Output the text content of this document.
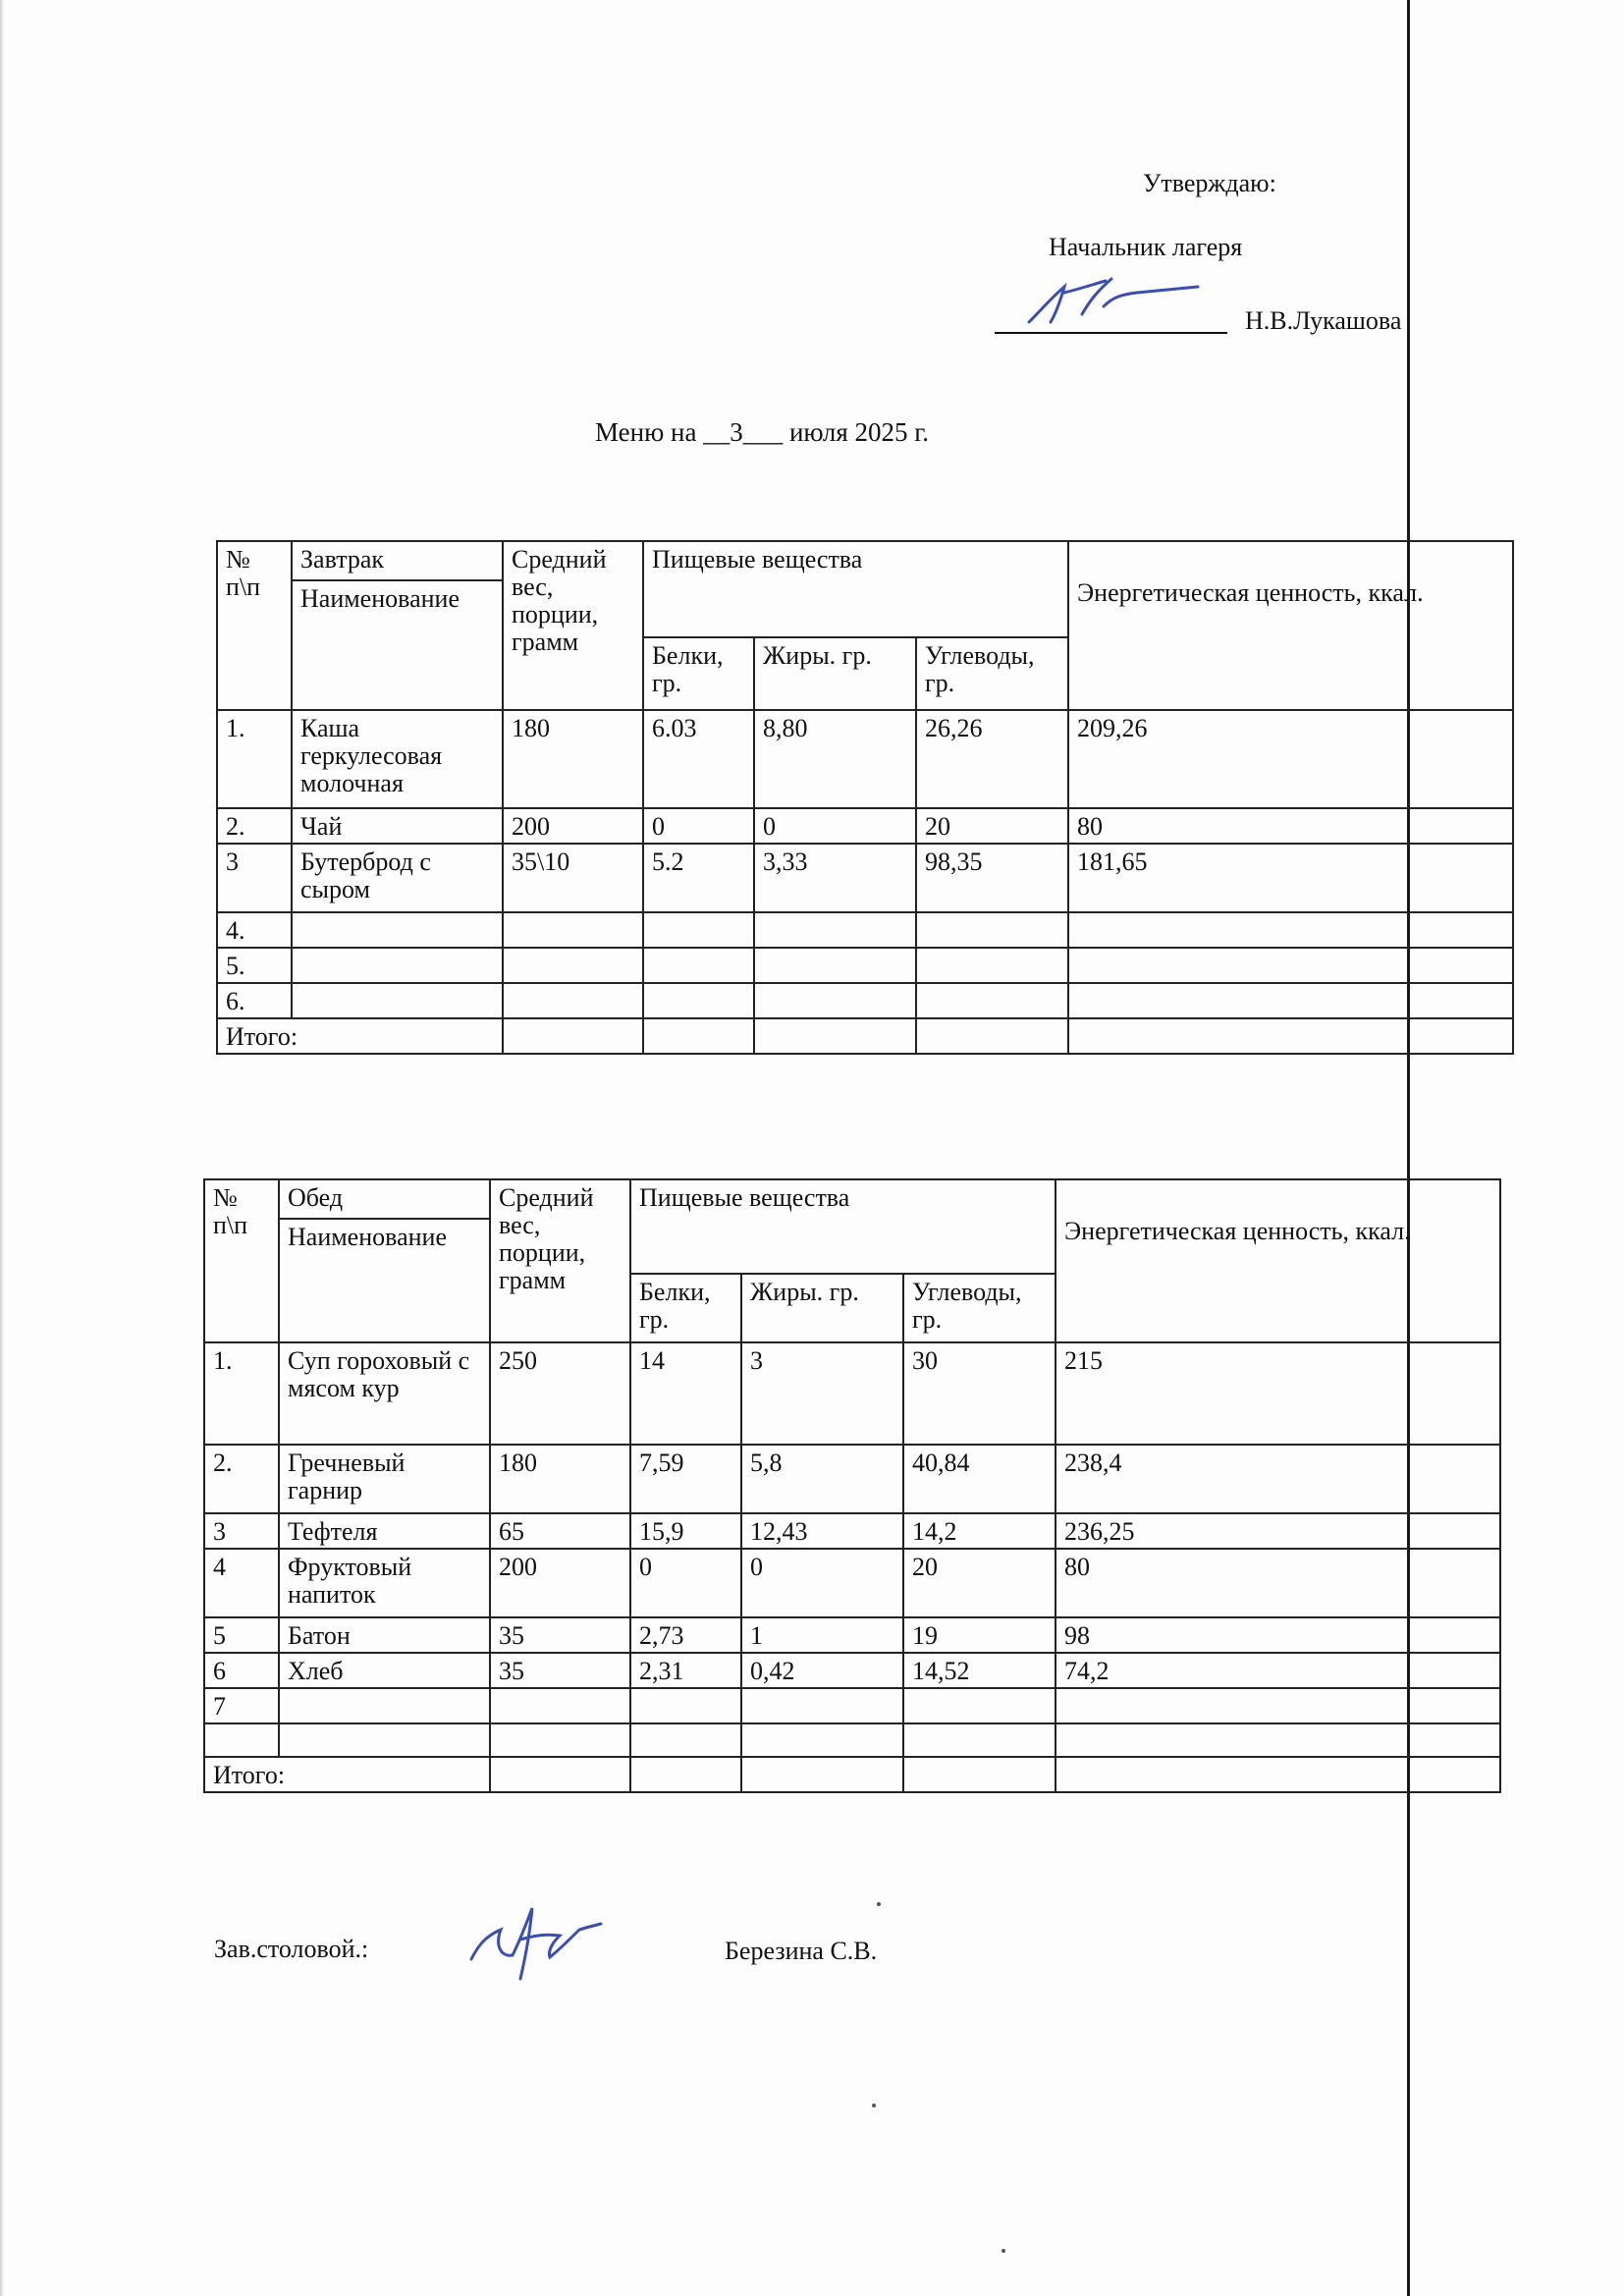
Утверждаю:
Начальник лагеря
Н.В.Лукашова
Меню на __3___ июля 2025 г.
№ п\п	Завтрак	Средний вес, порции, грамм	Пищевые вещества			Энергетическая ценность, ккал.
	Наименование					
			Белки, гр.	Жиры. гр.	Углеводы, гр.	
1.	Каша геркулесовая молочная	180	6.03	8,80	26,26	209,26
2.	Чай	200	0	0	20	80
3	Бутерброд с сыром	35\10	5.2	3,33	98,35	181,65
4.						
5.						
6.						
Итого:						
№ п\п	Обед	Средний вес, порции, грамм	Пищевые вещества			Энергетическая ценность, ккал.
	Наименование					
			Белки, гр.	Жиры. гр.	Углеводы, гр.	
1.	Суп гороховый с мясом кур	250	14	3	30	215
2.	Гречневый гарнир	180	7,59	5,8	40,84	238,4
3	Тефтеля	65	15,9	12,43	14,2	236,25
4	Фруктовый напиток	200	0	0	20	80
5	Батон	35	2,73	1	19	98
6	Хлеб	35	2,31	0,42	14,52	74,2
7						

Итого:						
Зав.столовой.:	Березина С.В.
